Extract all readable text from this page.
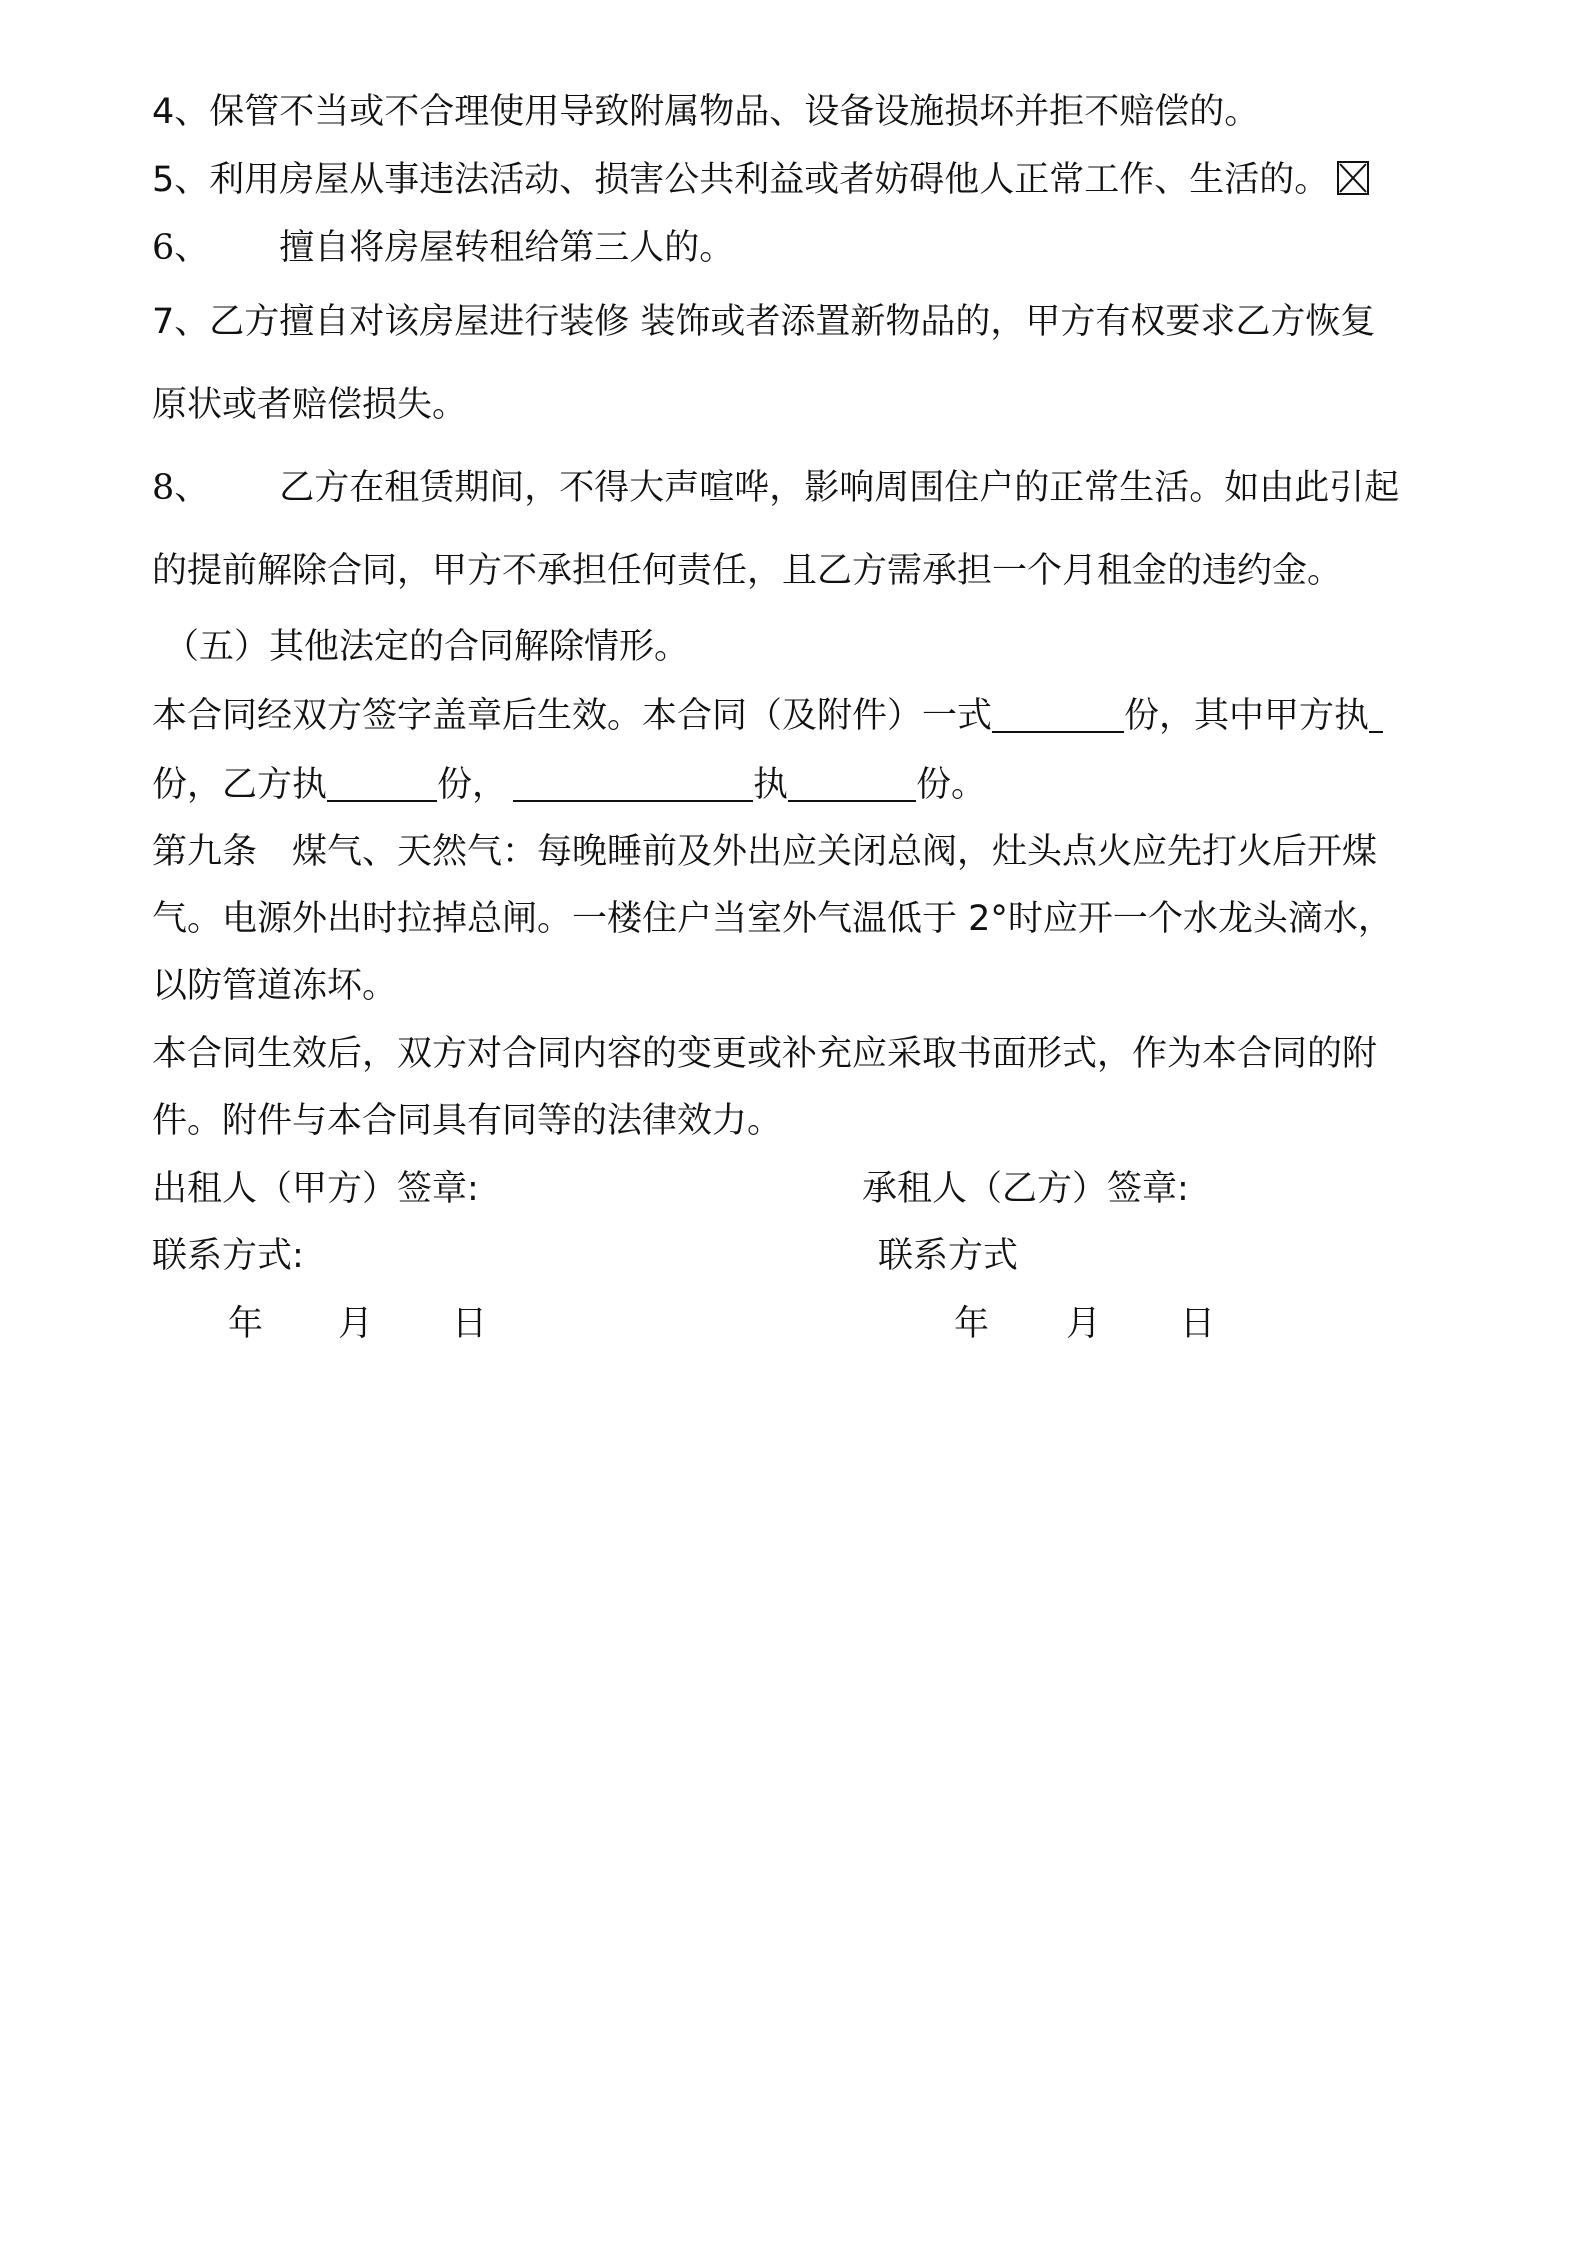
4、保管不当或不合理使用导致附属物品、设备设施损坏并拒不赔偿的。

5、利用房屋从事违法活动、损害公共利益或者妨碍他人正常工作、生活的。

6、 擅自将房屋转租给第三人的。

7、乙方擅自对该房屋进行装修 装饰或者添置新物品的，甲方有权要求乙方恢复

原状或者赔偿损失。

8、 乙方在租赁期间，不得大声喧哗，影响周围住户的正常生活。如由此引起

的提前解除合同，甲方不承担任何责任，且乙方需承担一个月租金的违约金。

（五）其他法定的合同解除情形。

本合同经双方签字盖章后生效。本合同（及附件）一式	份，其中甲方执

份，乙方执	份，	执	份。

第九条　煤气、天然气：每晚睡前及外出应关闭总阀，灶头点火应先打火后开煤

气。电源外出时拉掉总闸。一楼住户当室外气温低于 2°时应开一个水龙头滴水，

以防管道冻坏。

本合同生效后，双方对合同内容的变更或补充应采取书面形式，作为本合同的附

件。附件与本合同具有同等的法律效力。

出租人（甲方）签章:	承租人（乙方）签章:

联系方式:	联系方式

年 月 日	年 月 日
